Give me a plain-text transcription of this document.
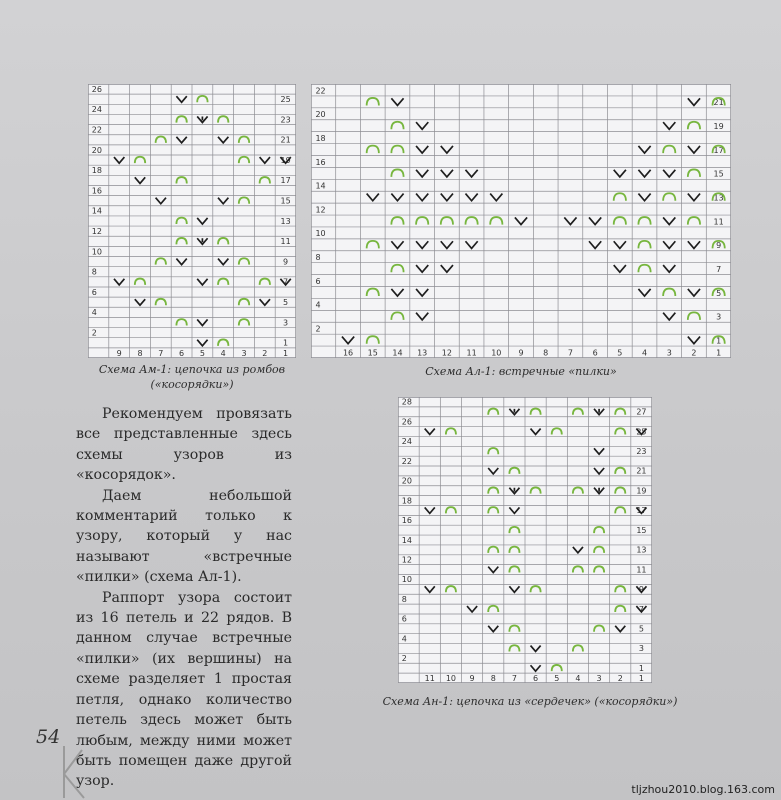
26
24
22
20
18
16
14
12
10
8
6
4
2
25
23
21
19
17
15
13
11
9
7
5
3
1
9 8 7 6 5 4 3 2 1
Схема Ам-1: цепочка из ромбов
(«косорядки»)
22
20
18
16
14
12
10
8
6
4
2
21
19
17
15
13
11
9
7
5
3
1
16 15 14 13 12 11 10 9 8 7 6 5 4 3 2 1
Схема Ал-1: встречные «пилки»
28
26
24
22
20
18
16
14
12
10
8
6
4
2
27
25
23
21
19
17
15
13
11
9
7
5
3
1
11 10 9 8 7 6 5 4 3 2 1
Схема Ан-1: цепочка из «сердечек» («косорядки»)

Рекомендуем провязать все представленные здесь схемы узоров из «косорядок».

Даем небольшой комментарий только к узору, который у нас называют «встречные «пилки» (схема Ал-1).

Раппорт узора состоит из 16 петель и 22 рядов. В данном случае встречные «пилки» (их вершины) на схеме разделяет 1 простая петля, однако количество петель здесь может быть любым, между ними может быть помещен даже другой узор.

54
tljzhou2010.blog.163.com
